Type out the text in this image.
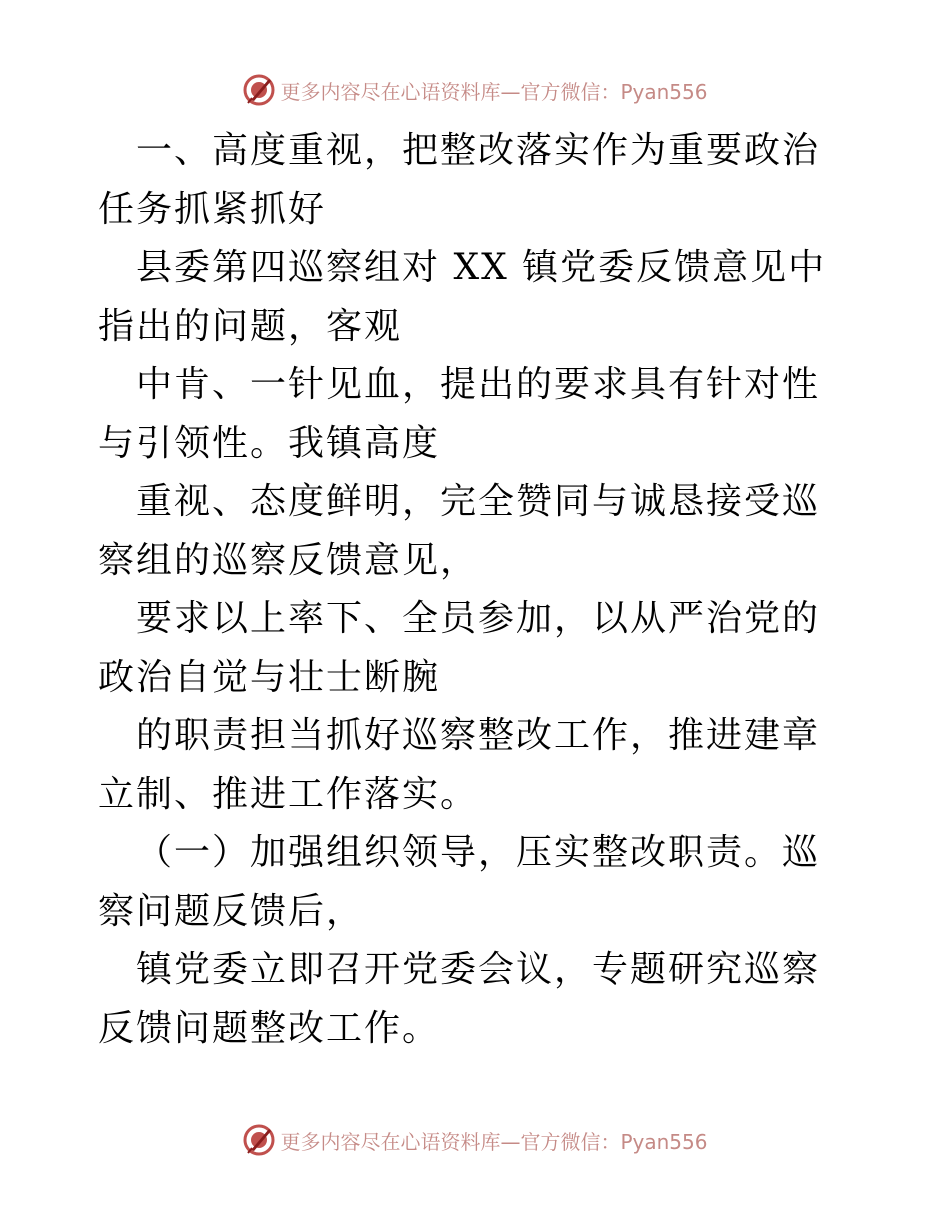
更多内容尽在心语资料库—官方微信：Pyan556

一、高度重视，把整改落实作为重要政治任务抓紧抓好

县委第四巡察组对 XX 镇党委反馈意见中指出的问题，客观

中肯、一针见血，提出的要求具有针对性与引领性。我镇高度

重视、态度鲜明，完全赞同与诚恳接受巡察组的巡察反馈意见，

要求以上率下、全员参加，以从严治党的政治自觉与壮士断腕

的职责担当抓好巡察整改工作，推进建章立制、推进工作落实。

（一）加强组织领导，压实整改职责。巡察问题反馈后，

镇党委立即召开党委会议，专题研究巡察反馈问题整改工作。

更多内容尽在心语资料库—官方微信：Pyan556
